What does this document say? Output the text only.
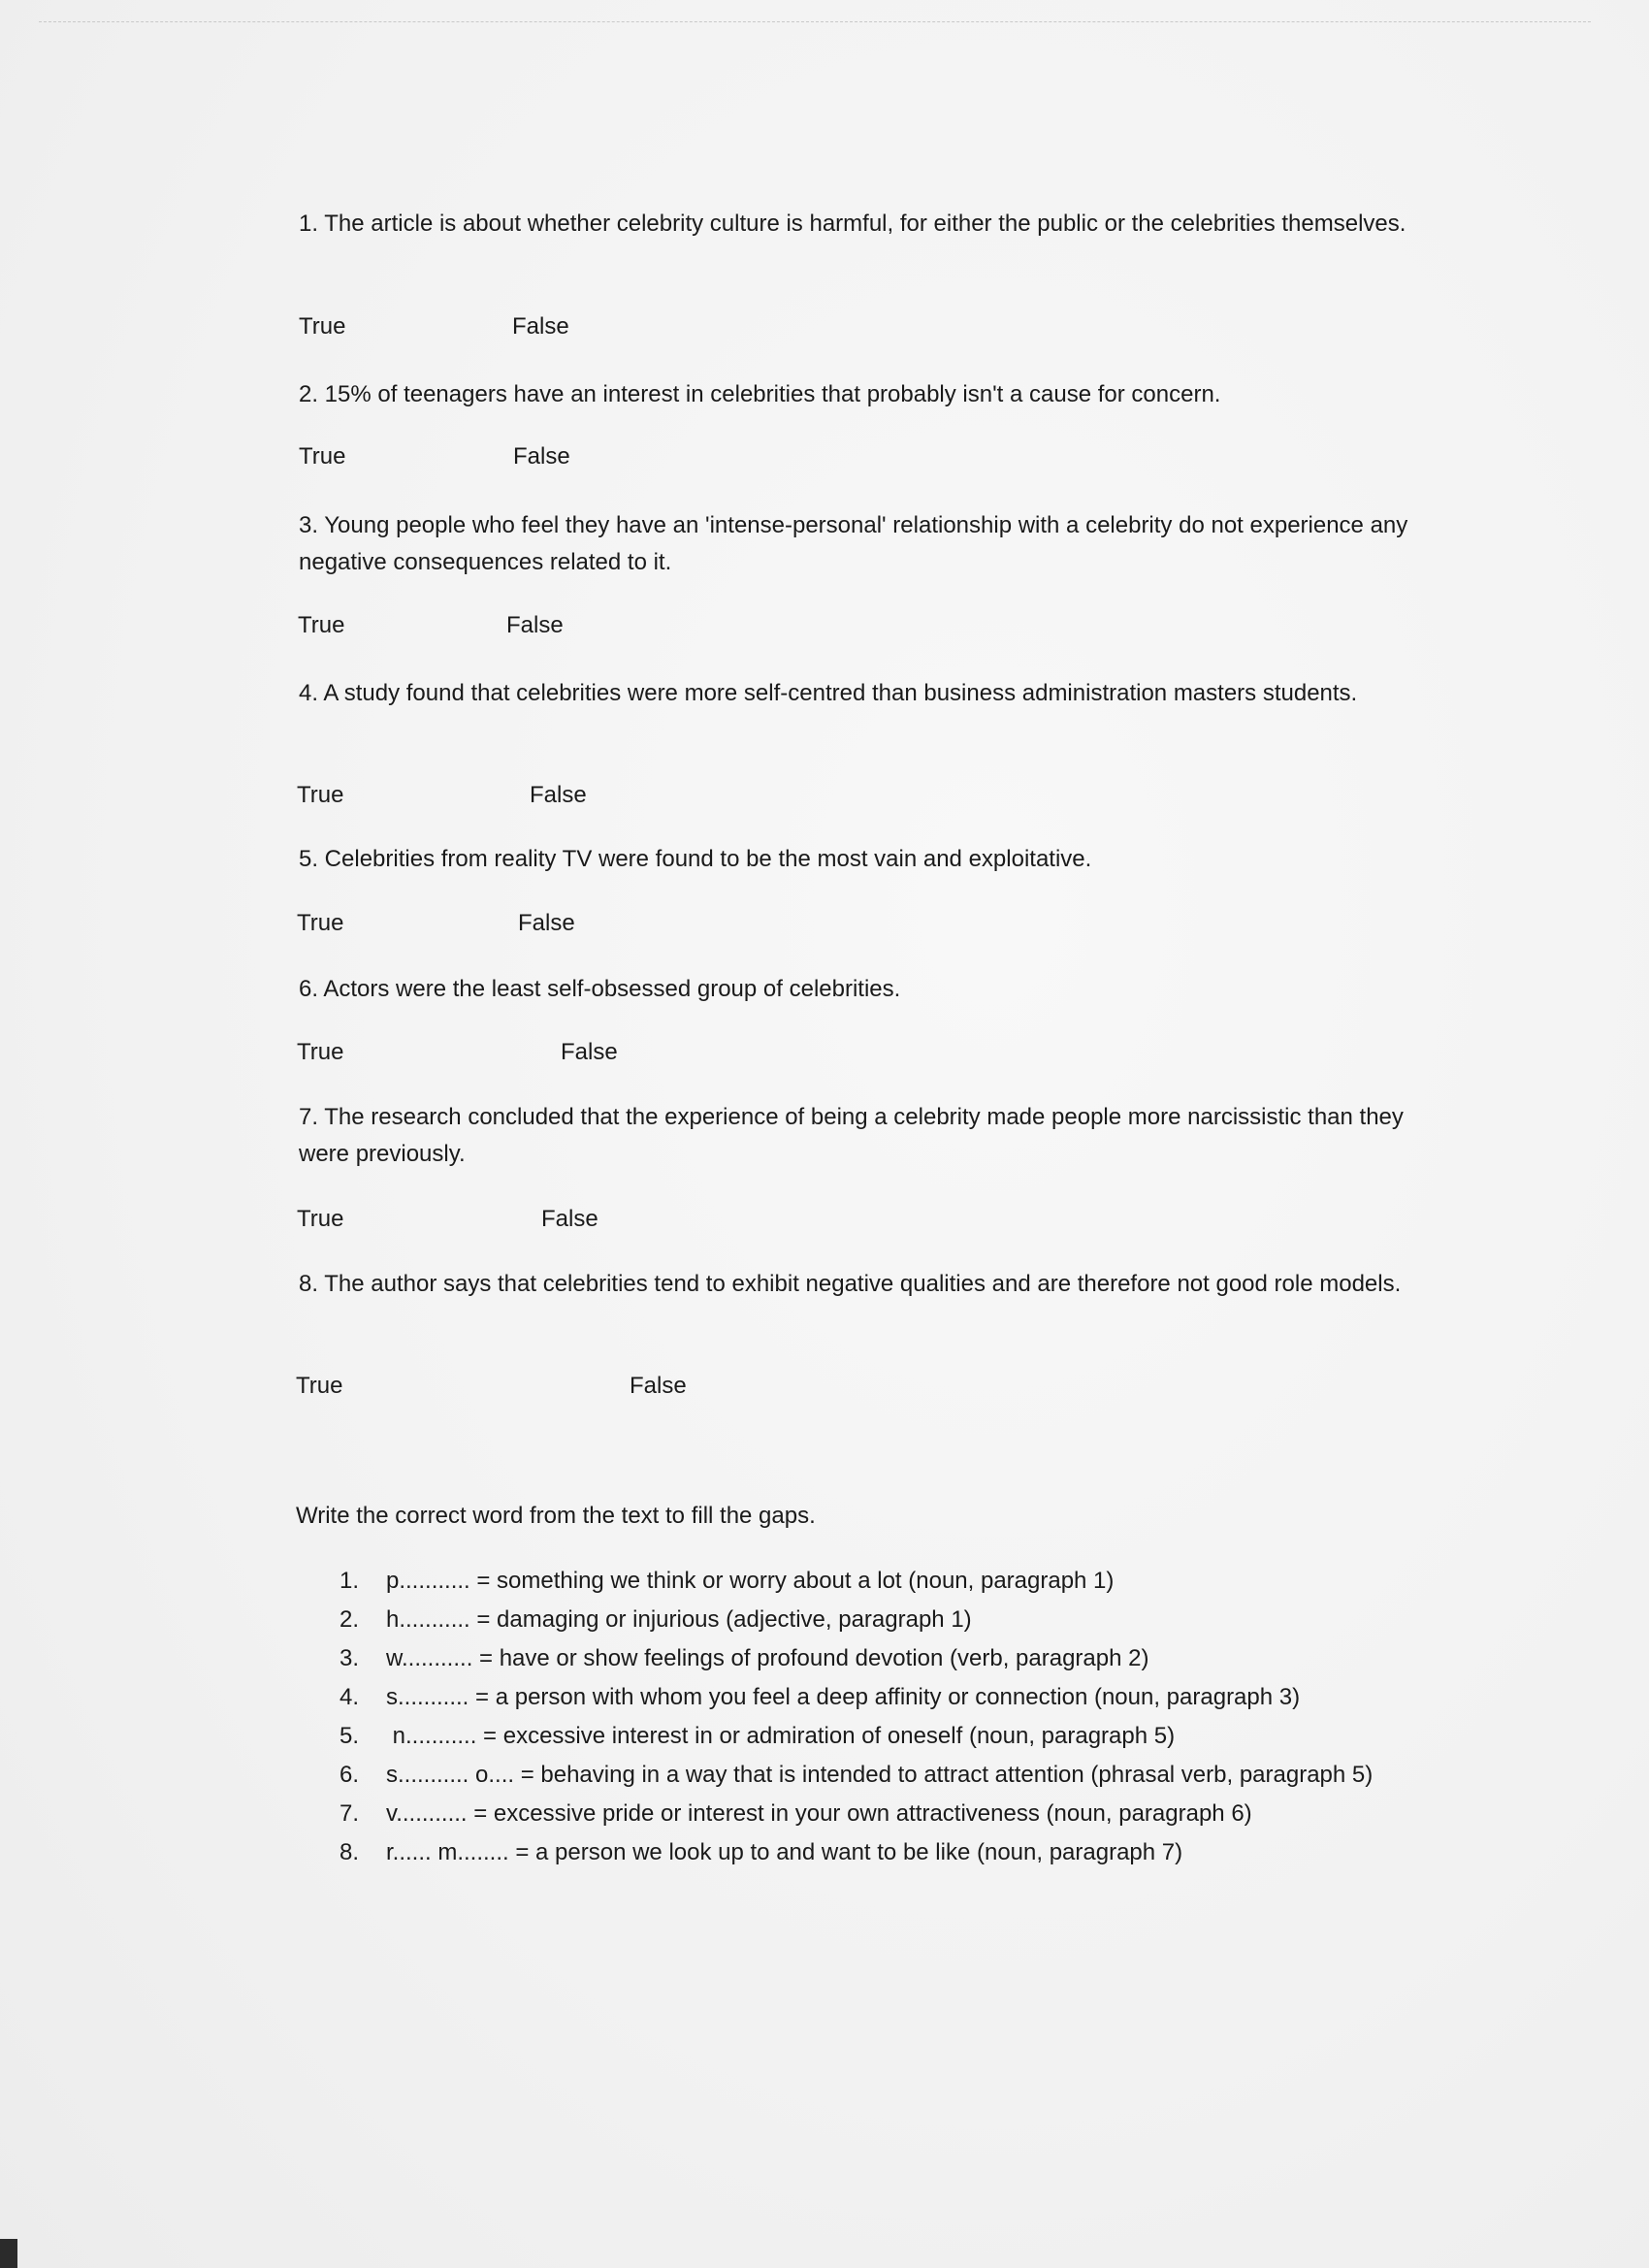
1. The article is about whether celebrity culture is harmful, for either the public or the celebrities themselves.
True	False
2. 15% of teenagers have an interest in celebrities that probably isn't a cause for concern.
True	False
3. Young people who feel they have an 'intense-personal' relationship with a celebrity do not experience any negative consequences related to it.
True	False
4. A study found that celebrities were more self-centred than business administration masters students.
True	False
5. Celebrities from reality TV were found to be the most vain and exploitative.
True	False
6. Actors were the least self-obsessed group of celebrities.
True	False
7. The research concluded that the experience of being a celebrity made people more narcissistic than they were previously.
True	False
8. The author says that celebrities tend to exhibit negative qualities and are therefore not good role models.
True	False
Write the correct word from the text to fill the gaps.
1.	p........... = something we think or worry about a lot (noun, paragraph 1)
2.	h........... = damaging or injurious (adjective, paragraph 1)
3.	w........... = have or show feelings of profound devotion (verb, paragraph 2)
4.	s........... = a person with whom you feel a deep affinity or connection (noun, paragraph 3)
5.	n........... = excessive interest in or admiration of oneself (noun, paragraph 5)
6.	s........... o.... = behaving in a way that is intended to attract attention (phrasal verb, paragraph 5)
7.	v........... = excessive pride or interest in your own attractiveness (noun, paragraph 6)
8.	r...... m........ = a person we look up to and want to be like (noun, paragraph 7)
